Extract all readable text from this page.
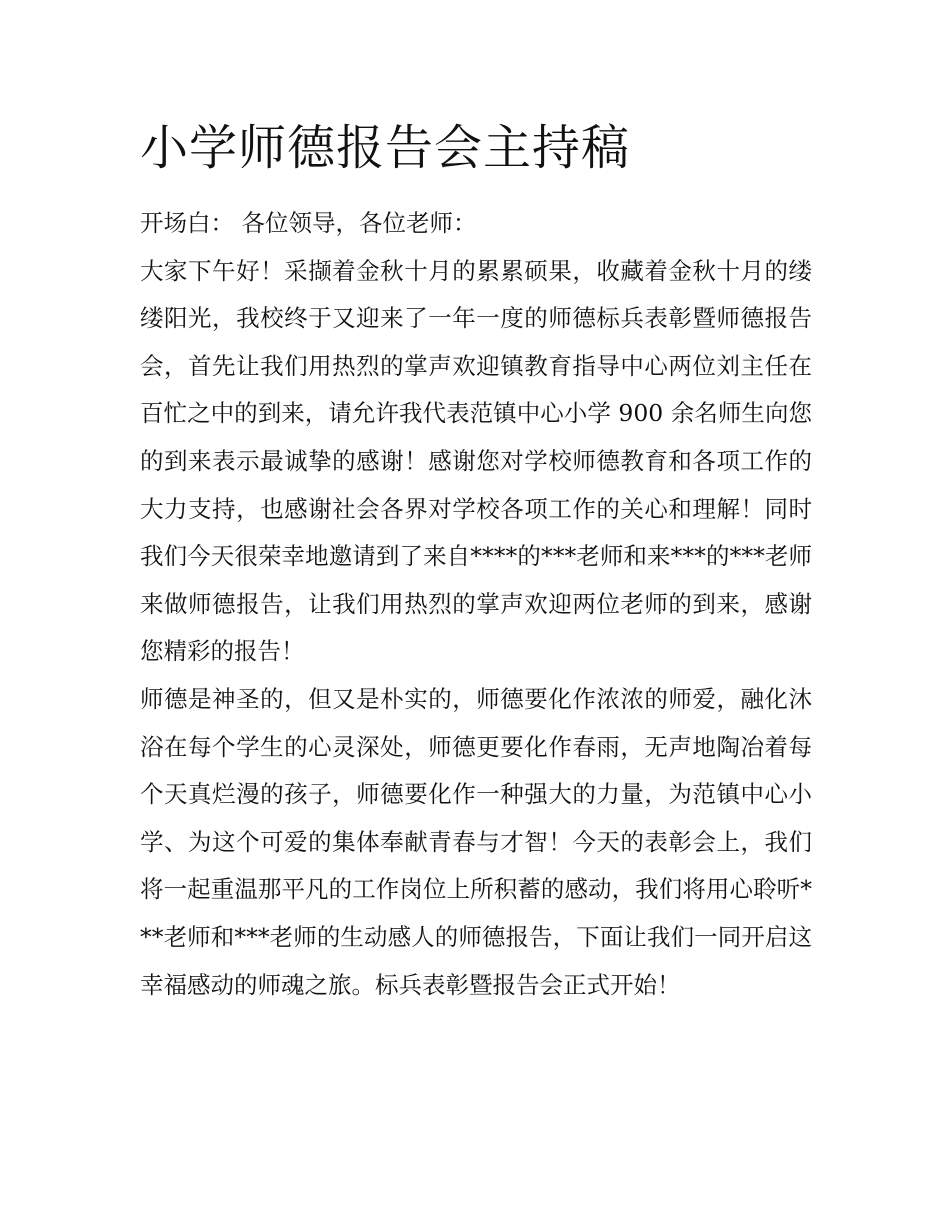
小学师德报告会主持稿

开场白： 各位领导，各位老师：

大家下午好！采撷着金秋十月的累累硕果，收藏着金秋十月的缕缕阳光，我校终于又迎来了一年一度的师德标兵表彰暨师德报告会，首先让我们用热烈的掌声欢迎镇教育指导中心两位刘主任在百忙之中的到来，请允许我代表范镇中心小学 900 余名师生向您的到来表示最诚挚的感谢！感谢您对学校师德教育和各项工作的大力支持，也感谢社会各界对学校各项工作的关心和理解！同时我们今天很荣幸地邀请到了来自****的***老师和来***的***老师来做师德报告，让我们用热烈的掌声欢迎两位老师的到来，感谢您精彩的报告！

师德是神圣的，但又是朴实的，师德要化作浓浓的师爱，融化沐浴在每个学生的心灵深处，师德更要化作春雨，无声地陶冶着每个天真烂漫的孩子，师德要化作一种强大的力量，为范镇中心小学、为这个可爱的集体奉献青春与才智！今天的表彰会上，我们将一起重温那平凡的工作岗位上所积蓄的感动，我们将用心聆听***老师和***老师的生动感人的师德报告，下面让我们一同开启这幸福感动的师魂之旅。标兵表彰暨报告会正式开始！
